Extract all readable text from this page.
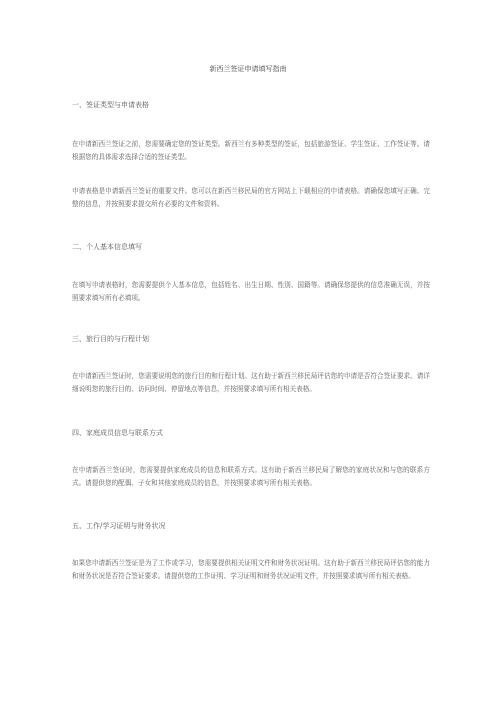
新西兰签证申请填写指南
一、签证类型与申请表格
在申请新西兰签证之前，您需要确定您的签证类型。新西兰有多种类型的签证，包括旅游签证、学生签证、工作签证等。请根据您的具体需求选择合适的签证类型。
申请表格是申请新西兰签证的重要文件。您可以在新西兰移民局的官方网站上下载相应的申请表格。请确保您填写正确、完整的信息，并按照要求提交所有必要的文件和资料。
二、个人基本信息填写
在填写申请表格时，您需要提供个人基本信息，包括姓名、出生日期、性别、国籍等。请确保您提供的信息准确无误，并按照要求填写所有必填项。
三、旅行目的与行程计划
在申请新西兰签证时，您需要说明您的旅行目的和行程计划。这有助于新西兰移民局评估您的申请是否符合签证要求。请详细说明您的旅行目的、访问时间、停留地点等信息，并按照要求填写所有相关表格。
四、家庭成员信息与联系方式
在申请新西兰签证时，您需要提供家庭成员的信息和联系方式。这有助于新西兰移民局了解您的家庭状况和与您的联系方式。请提供您的配偶、子女和其他家庭成员的信息，并按照要求填写所有相关表格。
五、工作/学习证明与财务状况
如果您申请新西兰签证是为了工作或学习，您需要提供相关证明文件和财务状况证明。这有助于新西兰移民局评估您的能力和财务状况是否符合签证要求。请提供您的工作证明、学习证明和财务状况证明文件，并按照要求填写所有相关表格。
